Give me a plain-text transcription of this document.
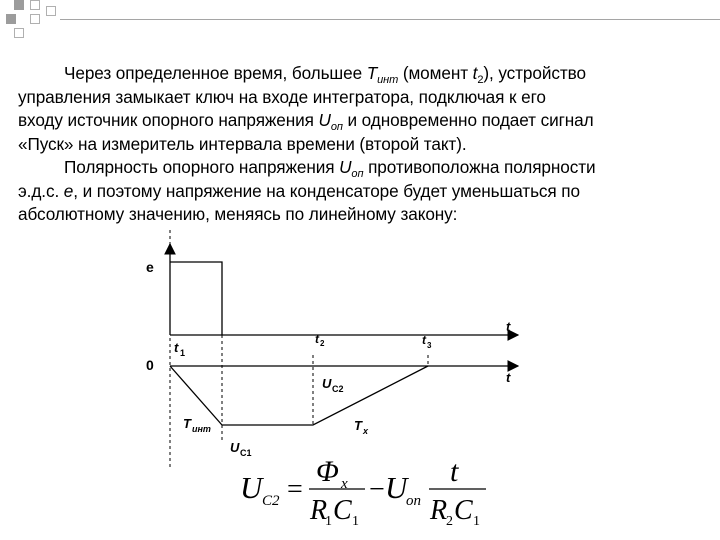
Через определенное время, большее $T_{инт}$ (момент $t_2$), устройство

управления замыкает ключ на входе интегратора, подключая к его

входу источник опорного напряжения $U_{оп}$ и одновременно подает сигнал

«Пуск» на измеритель интервала времени (второй такт).

Полярность опорного напряжения $U_{оп}$ противоположна полярности

э.д.с. e, и поэтому напряжение на конденсаторе будет уменьшаться по

абсолютному значению, меняясь по линейному закону:

e
t
0
t
t 1
t 2	t 3
U C2
T инт	T x
U C1
U C2 =
Φ x
R
1 C 1
− U
оп
t
R
2 C 1
